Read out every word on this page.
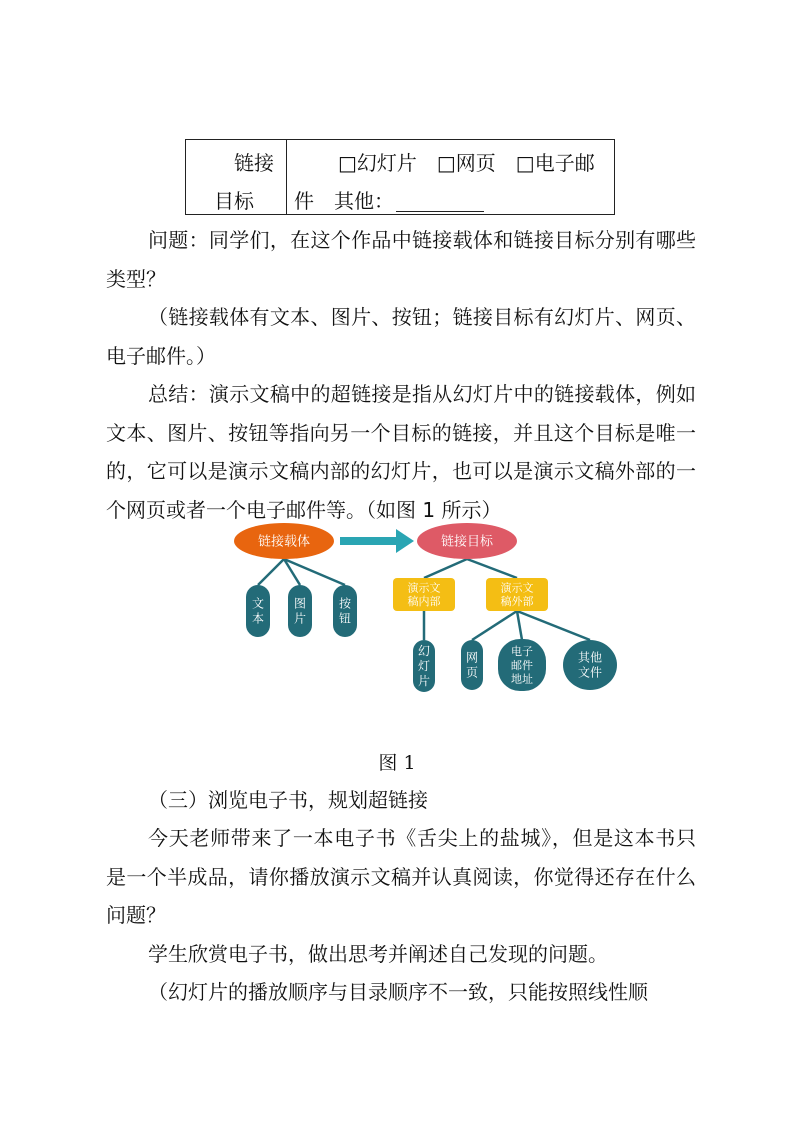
链接
目标
□幻灯片　□网页　□电子邮
件　其他：

问题：同学们，在这个作品中链接载体和链接目标分别有哪些类型？

（链接载体有文本、图片、按钮；链接目标有幻灯片、网页、电子邮件。）

总结：演示文稿中的超链接是指从幻灯片中的链接载体，例如文本、图片、按钮等指向另一个目标的链接，并且这个目标是唯一的，它可以是演示文稿内部的幻灯片，也可以是演示文稿外部的一个网页或者一个电子邮件等。（如图 1 所示）

链接载体	链接目标
文本
图片
按钮
演示文稿内部
演示文稿外部
幻灯片
网页
电子邮件地址
其他文件
图 1

（三）浏览电子书，规划超链接

今天老师带来了一本电子书《舌尖上的盐城》，但是这本书只是一个半成品，请你播放演示文稿并认真阅读，你觉得还存在什么问题？

学生欣赏电子书，做出思考并阐述自己发现的问题。

（幻灯片的播放顺序与目录顺序不一致，只能按照线性顺
